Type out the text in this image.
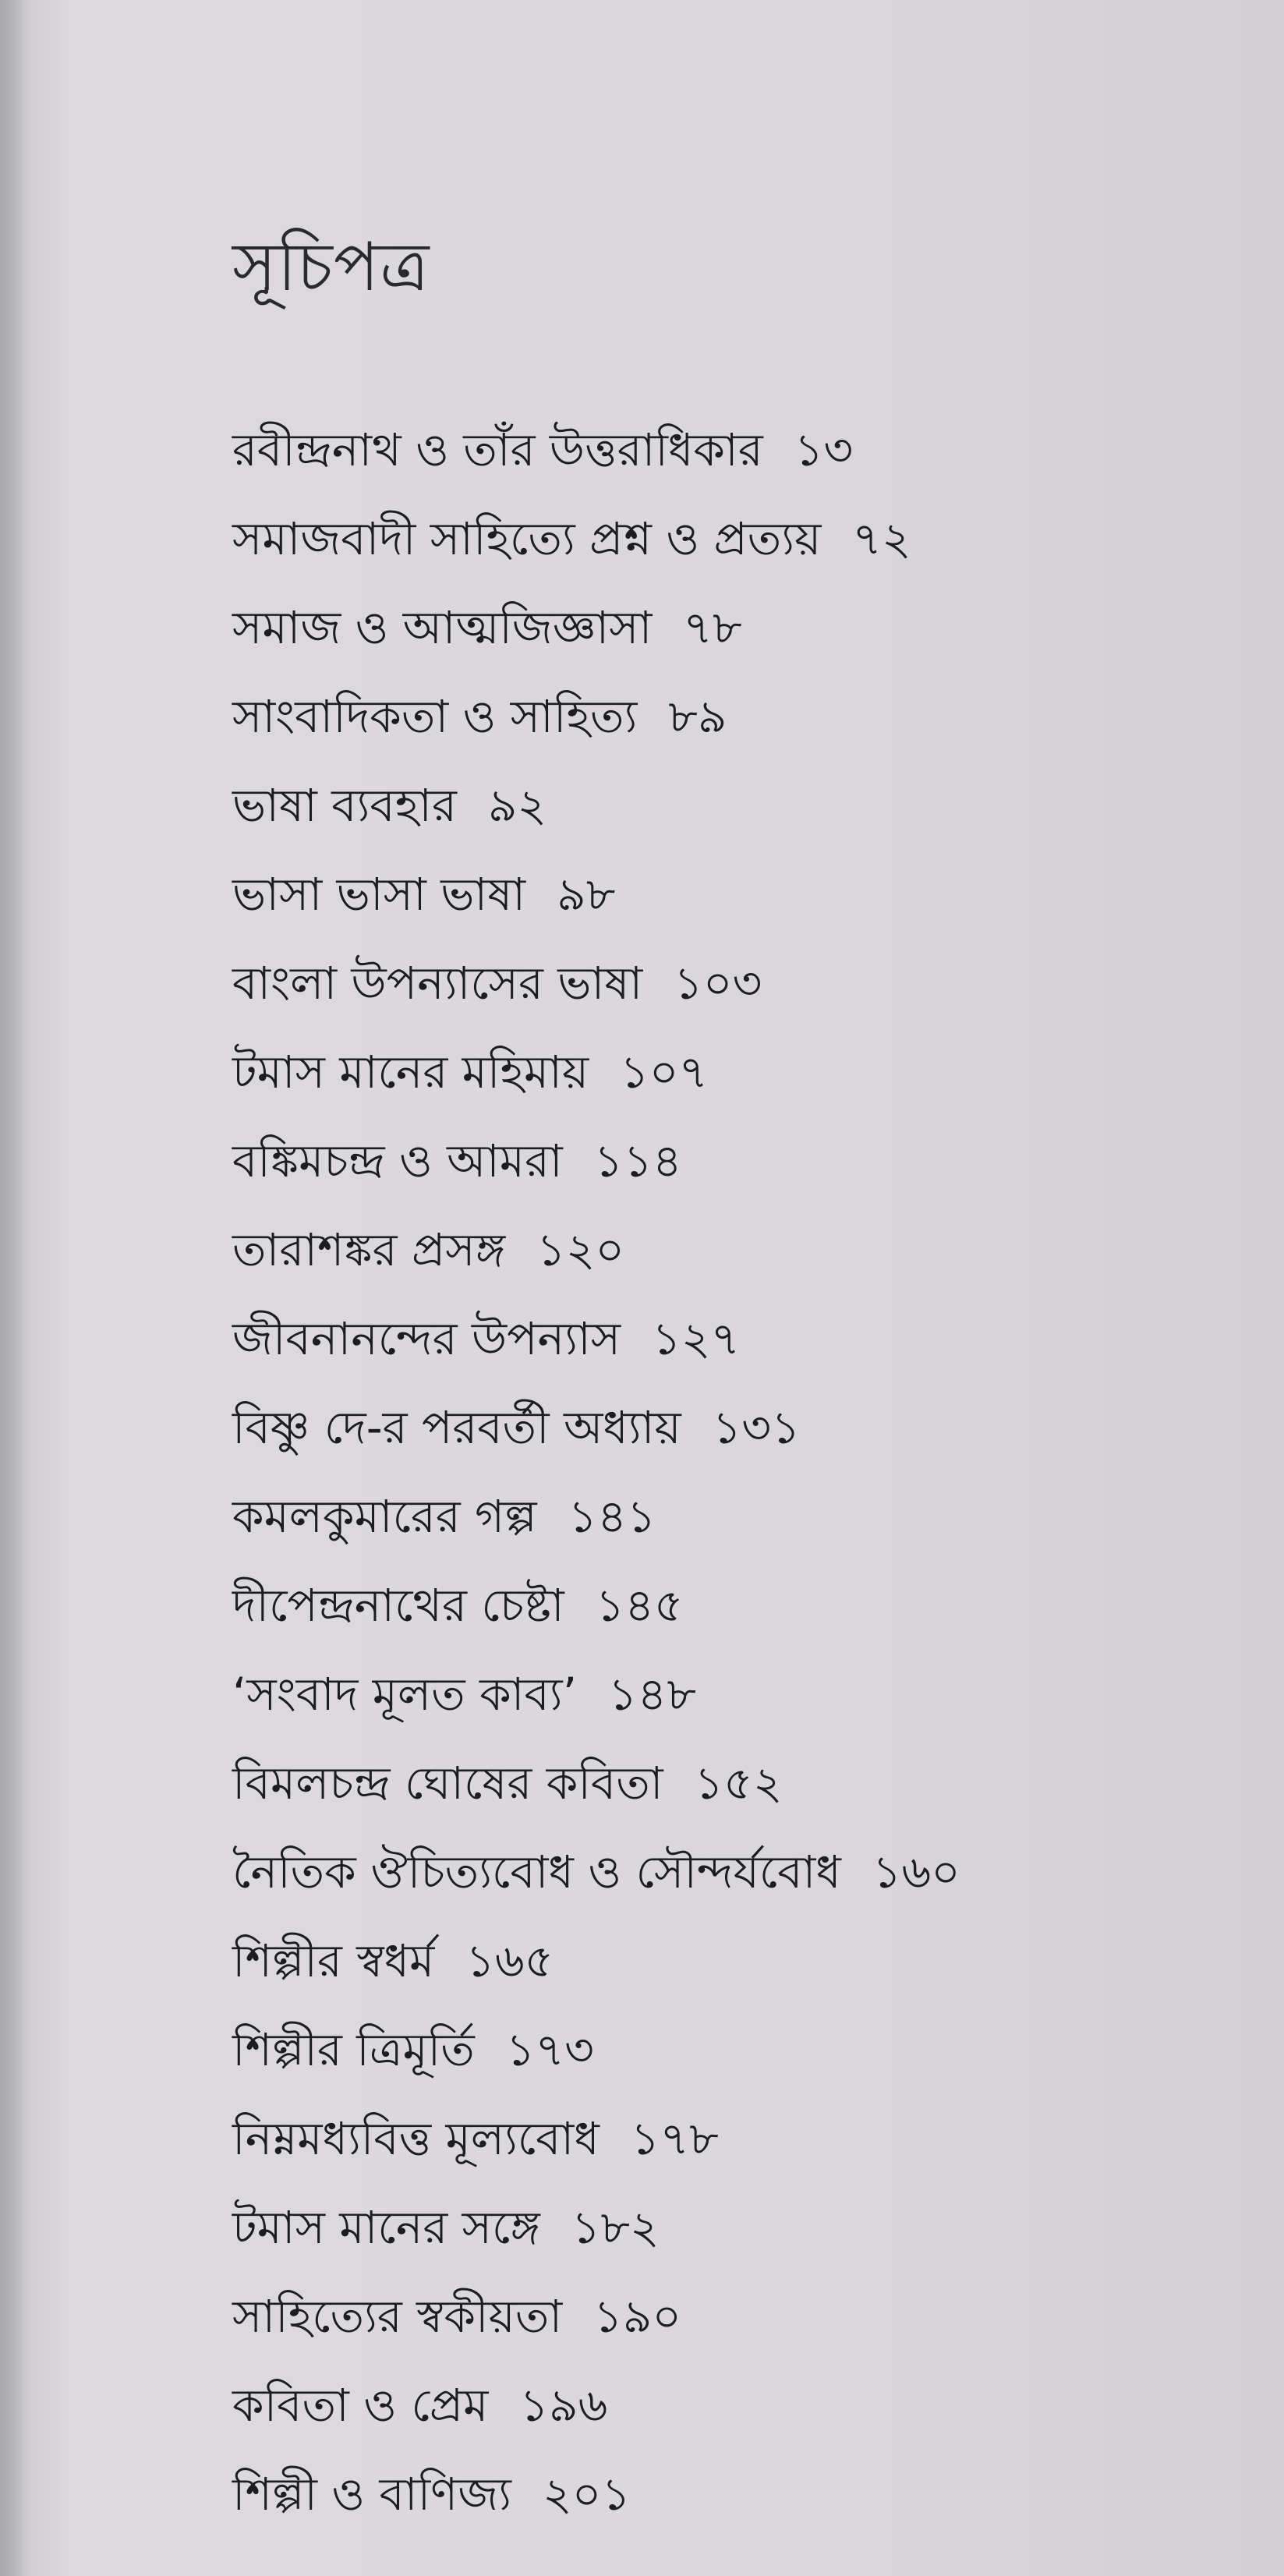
সূচিপত্র
রবীন্দ্রনাথ ও তাঁর উত্তরাধিকার ১৩
সমাজবাদী সাহিত্যে প্রশ্ন ও প্রত্যয় ৭২
সমাজ ও আত্মজিজ্ঞাসা ৭৮
সাংবাদিকতা ও সাহিত্য ৮৯
ভাষা ব্যবহার ৯২
ভাসা ভাসা ভাষা ৯৮
বাংলা উপন্যাসের ভাষা ১০৩
টমাস মানের মহিমায় ১০৭
বঙ্কিমচন্দ্র ও আমরা ১১৪
তারাশঙ্কর প্রসঙ্গ ১২০
জীবনানন্দের উপন্যাস ১২৭
বিষ্ণু দে-র পরবর্তী অধ্যায় ১৩১
কমলকুমারের গল্প ১৪১
দীপেন্দ্রনাথের চেষ্টা ১৪৫
‘সংবাদ মূলত কাব্য’ ১৪৮
বিমলচন্দ্র ঘোষের কবিতা ১৫২
নৈতিক ঔচিত্যবোধ ও সৌন্দর্যবোধ ১৬০
শিল্পীর স্বধর্ম ১৬৫
শিল্পীর ত্রিমূর্তি ১৭৩
নিম্নমধ্যবিত্ত মূল্যবোধ ১৭৮
টমাস মানের সঙ্গে ১৮২
সাহিত্যের স্বকীয়তা ১৯০
কবিতা ও প্রেম ১৯৬
শিল্পী ও বাণিজ্য ২০১
